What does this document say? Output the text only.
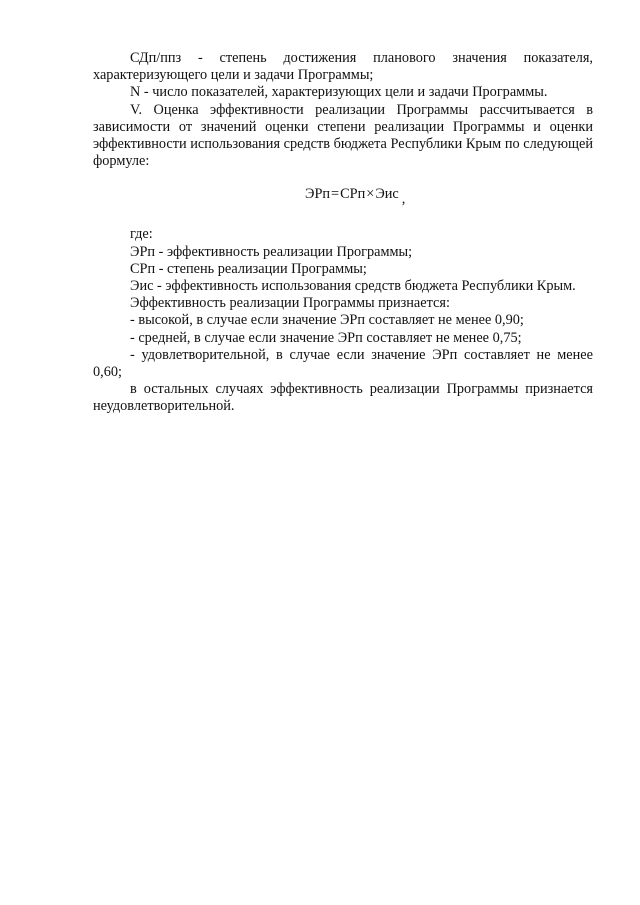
СДп/ппз - степень достижения планового значения показателя, характеризующего цели и задачи Программы;

N - число показателей, характеризующих цели и задачи Программы.

V. Оценка эффективности реализации Программы рассчитывается в зависимости от значений оценки степени реализации Программы и оценки эффективности использования средств бюджета Республики Крым по следующей формуле:

ЭРп=СРп×Эис ,

где:

ЭРп - эффективность реализации Программы;

СРп - степень реализации Программы;

Эис - эффективность использования средств бюджета Республики Крым.

Эффективность реализации Программы признается:

- высокой, в случае если значение ЭРп составляет не менее 0,90;

- средней, в случае если значение ЭРп составляет не менее 0,75;

- удовлетворительной, в случае если значение ЭРп составляет не менее 0,60;

в остальных случаях эффективность реализации Программы признается неудовлетворительной.
